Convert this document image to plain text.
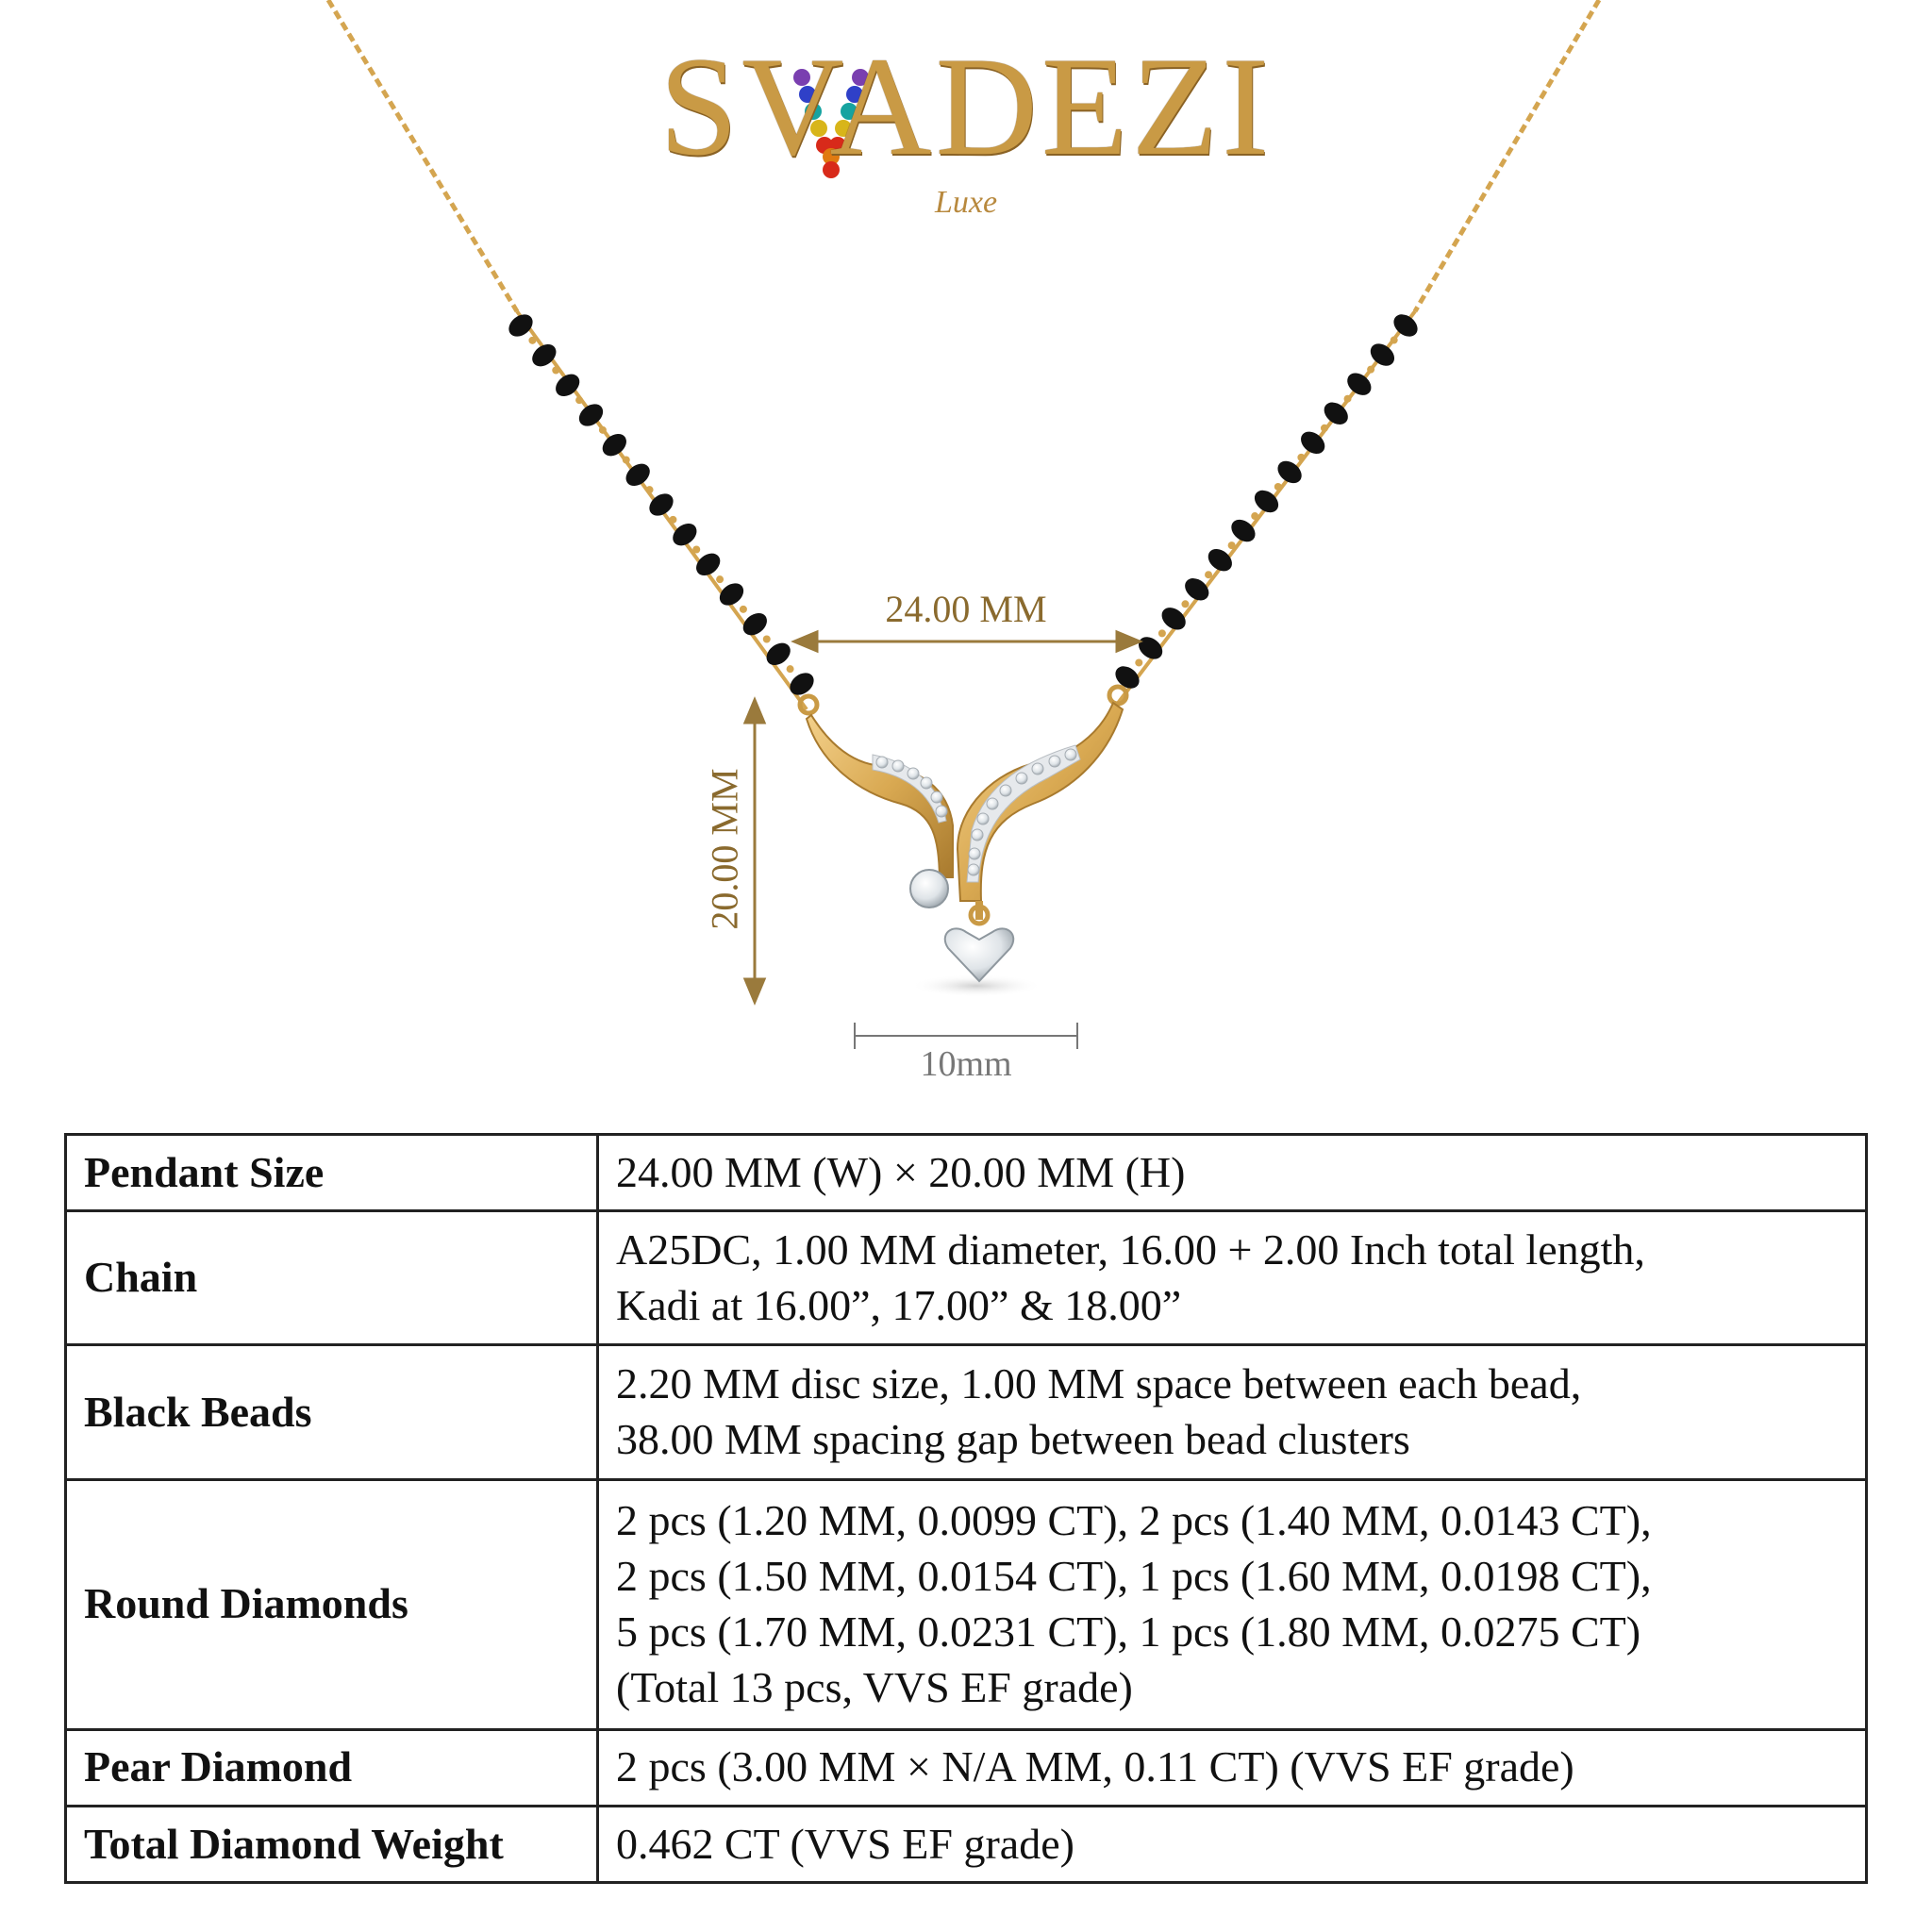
SVADEZI
Luxe
24.00 MM
20.00 MM
10mm
Pendant Size	24.00 MM (W) × 20.00 MM (H)
Chain	A25DC, 1.00 MM diameter, 16.00 + 2.00 Inch total length,
Kadi at 16.00”, 17.00” & 18.00”
Black Beads	2.20 MM disc size, 1.00 MM space between each bead,
38.00 MM spacing gap between bead clusters
Round Diamonds	2 pcs (1.20 MM, 0.0099 CT), 2 pcs (1.40 MM, 0.0143 CT),
2 pcs (1.50 MM, 0.0154 CT), 1 pcs (1.60 MM, 0.0198 CT),
5 pcs (1.70 MM, 0.0231 CT), 1 pcs (1.80 MM, 0.0275 CT)
(Total 13 pcs, VVS EF grade)
Pear Diamond	2 pcs (3.00 MM × N/A MM, 0.11 CT) (VVS EF grade)
Total Diamond Weight	0.462 CT (VVS EF grade)
